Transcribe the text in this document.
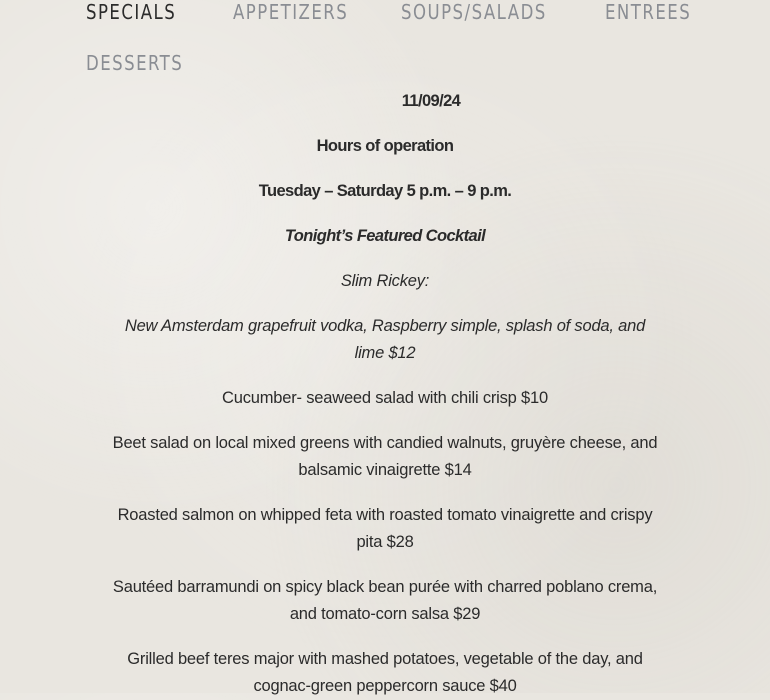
SPECIALS	APPETIZERS	SOUPS/SALADS	ENTREES
DESSERTS

11/09/24

Hours of operation

Tuesday – Saturday 5 p.m. – 9 p.m.

Tonight’s Featured Cocktail

Slim Rickey:

New Amsterdam grapefruit vodka, Raspberry simple, splash of soda, and

lime $12

Cucumber- seaweed salad with chili crisp $10

Beet salad on local mixed greens with candied walnuts, gruyère cheese, and

balsamic vinaigrette $14

Roasted salmon on whipped feta with roasted tomato vinaigrette and crispy

pita $28

Sautéed barramundi on spicy black bean purée with charred poblano crema,

and tomato-corn salsa $29

Grilled beef teres major with mashed potatoes, vegetable of the day, and

cognac-green peppercorn sauce $40
